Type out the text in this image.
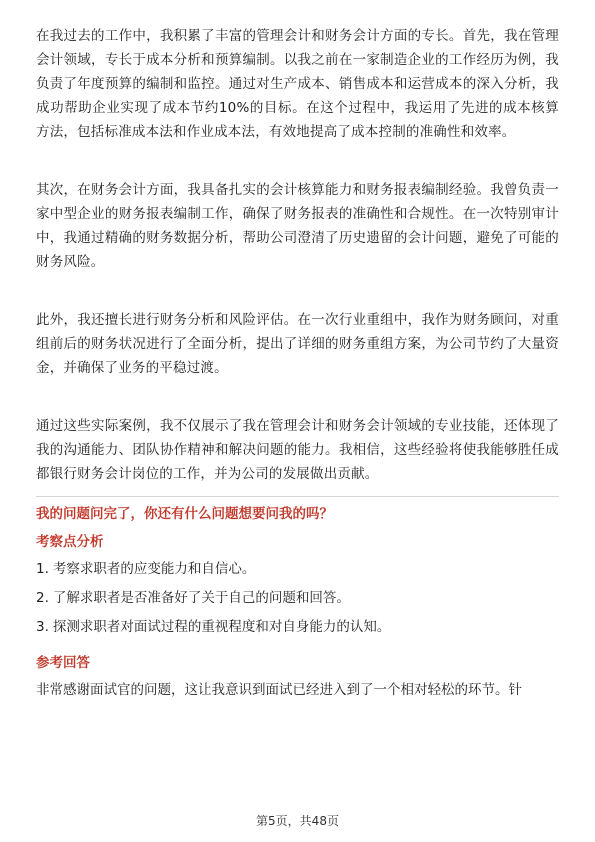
在我过去的工作中，我积累了丰富的管理会计和财务会计方面的专长。首先，我在管理会计领域，专长于成本分析和预算编制。以我之前在一家制造企业的工作经历为例，我负责了年度预算的编制和监控。通过对生产成本、销售成本和运营成本的深入分析，我成功帮助企业实现了成本节约10%的目标。在这个过程中，我运用了先进的成本核算方法，包括标准成本法和作业成本法，有效地提高了成本控制的准确性和效率。

其次，在财务会计方面，我具备扎实的会计核算能力和财务报表编制经验。我曾负责一家中型企业的财务报表编制工作，确保了财务报表的准确性和合规性。在一次特别审计中，我通过精确的财务数据分析，帮助公司澄清了历史遗留的会计问题，避免了可能的财务风险。

此外，我还擅长进行财务分析和风险评估。在一次行业重组中，我作为财务顾问，对重组前后的财务状况进行了全面分析，提出了详细的财务重组方案，为公司节约了大量资金，并确保了业务的平稳过渡。

通过这些实际案例，我不仅展示了我在管理会计和财务会计领域的专业技能，还体现了我的沟通能力、团队协作精神和解决问题的能力。我相信，这些经验将使我能够胜任成都银行财务会计岗位的工作，并为公司的发展做出贡献。

我的问题问完了，你还有什么问题想要问我的吗？
考察点分析
1. 考察求职者的应变能力和自信心。
2. 了解求职者是否准备好了关于自己的问题和回答。
3. 探测求职者对面试过程的重视程度和对自身能力的认知。
参考回答

非常感谢面试官的问题，这让我意识到面试已经进入到了一个相对轻松的环节。针

第5页，共48页
